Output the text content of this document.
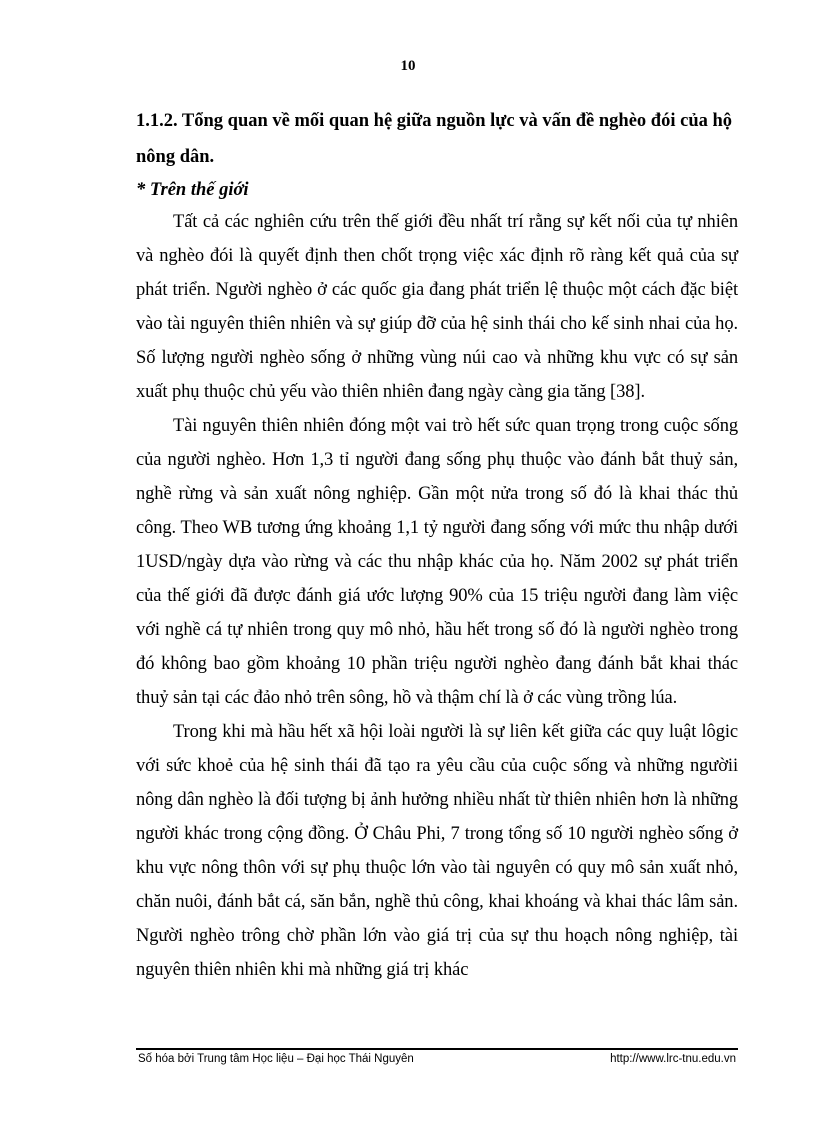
10

1.1.2. Tổng quan về mối quan hệ giữa nguồn lực và vấn đề nghèo đói của hộ nông dân.

* Trên thế giới

Tất cả các nghiên cứu trên thế giới đều nhất trí rằng sự kết nối của tự nhiên và nghèo đói là quyết định then chốt trọng việc xác định rõ ràng kết quả của sự phát triển. Người nghèo ở các quốc gia đang phát triển lệ thuộc một cách đặc biệt vào tài nguyên thiên nhiên và sự giúp đỡ của hệ sinh thái cho kế sinh nhai của họ. Số lượng người nghèo sống ở những vùng núi cao và những khu vực có sự sản xuất phụ thuộc chủ yếu vào thiên nhiên đang ngày càng gia tăng [38].

Tài nguyên thiên nhiên đóng một vai trò hết sức quan trọng trong cuộc sống của người nghèo. Hơn 1,3 tỉ người đang sống phụ thuộc vào đánh bắt thuỷ sản, nghề rừng và sản xuất nông nghiệp. Gần một nửa trong số đó là khai thác thủ công. Theo WB tương ứng khoảng 1,1 tỷ người đang sống với mức thu nhập dưới 1USD/ngày dựa vào rừng và các thu nhập khác của họ. Năm 2002 sự phát triển của thế giới đã được đánh giá ước lượng 90% của 15 triệu người đang làm việc với nghề cá tự nhiên trong quy mô nhỏ, hầu hết trong số đó là người nghèo trong đó không bao gồm khoảng 10 phần triệu người nghèo đang đánh bắt khai thác thuỷ sản tại các đảo nhỏ trên sông, hồ và thậm chí là ở các vùng trồng lúa.

Trong khi mà hầu hết xã hội loài người là sự liên kết giữa các quy luật lôgic với sức khoẻ của hệ sinh thái đã tạo ra yêu cầu của cuộc sống và những ngườii nông dân nghèo là đối tượng bị ảnh hưởng nhiều nhất từ thiên nhiên hơn là những người khác trong cộng đồng. Ở Châu Phi, 7 trong tổng số 10 người nghèo sống ở khu vực nông thôn với sự phụ thuộc lớn vào tài nguyên có quy mô sản xuất nhỏ, chăn nuôi, đánh bắt cá, săn bắn, nghề thủ công, khai khoáng và khai thác lâm sản. Người nghèo trông chờ phần lớn vào giá trị của sự thu hoạch nông nghiệp, tài nguyên thiên nhiên khi mà những giá trị khác

Số hóa bởi Trung tâm Học liệu – Đại học Thái Nguyên	http://www.lrc-tnu.edu.vn
